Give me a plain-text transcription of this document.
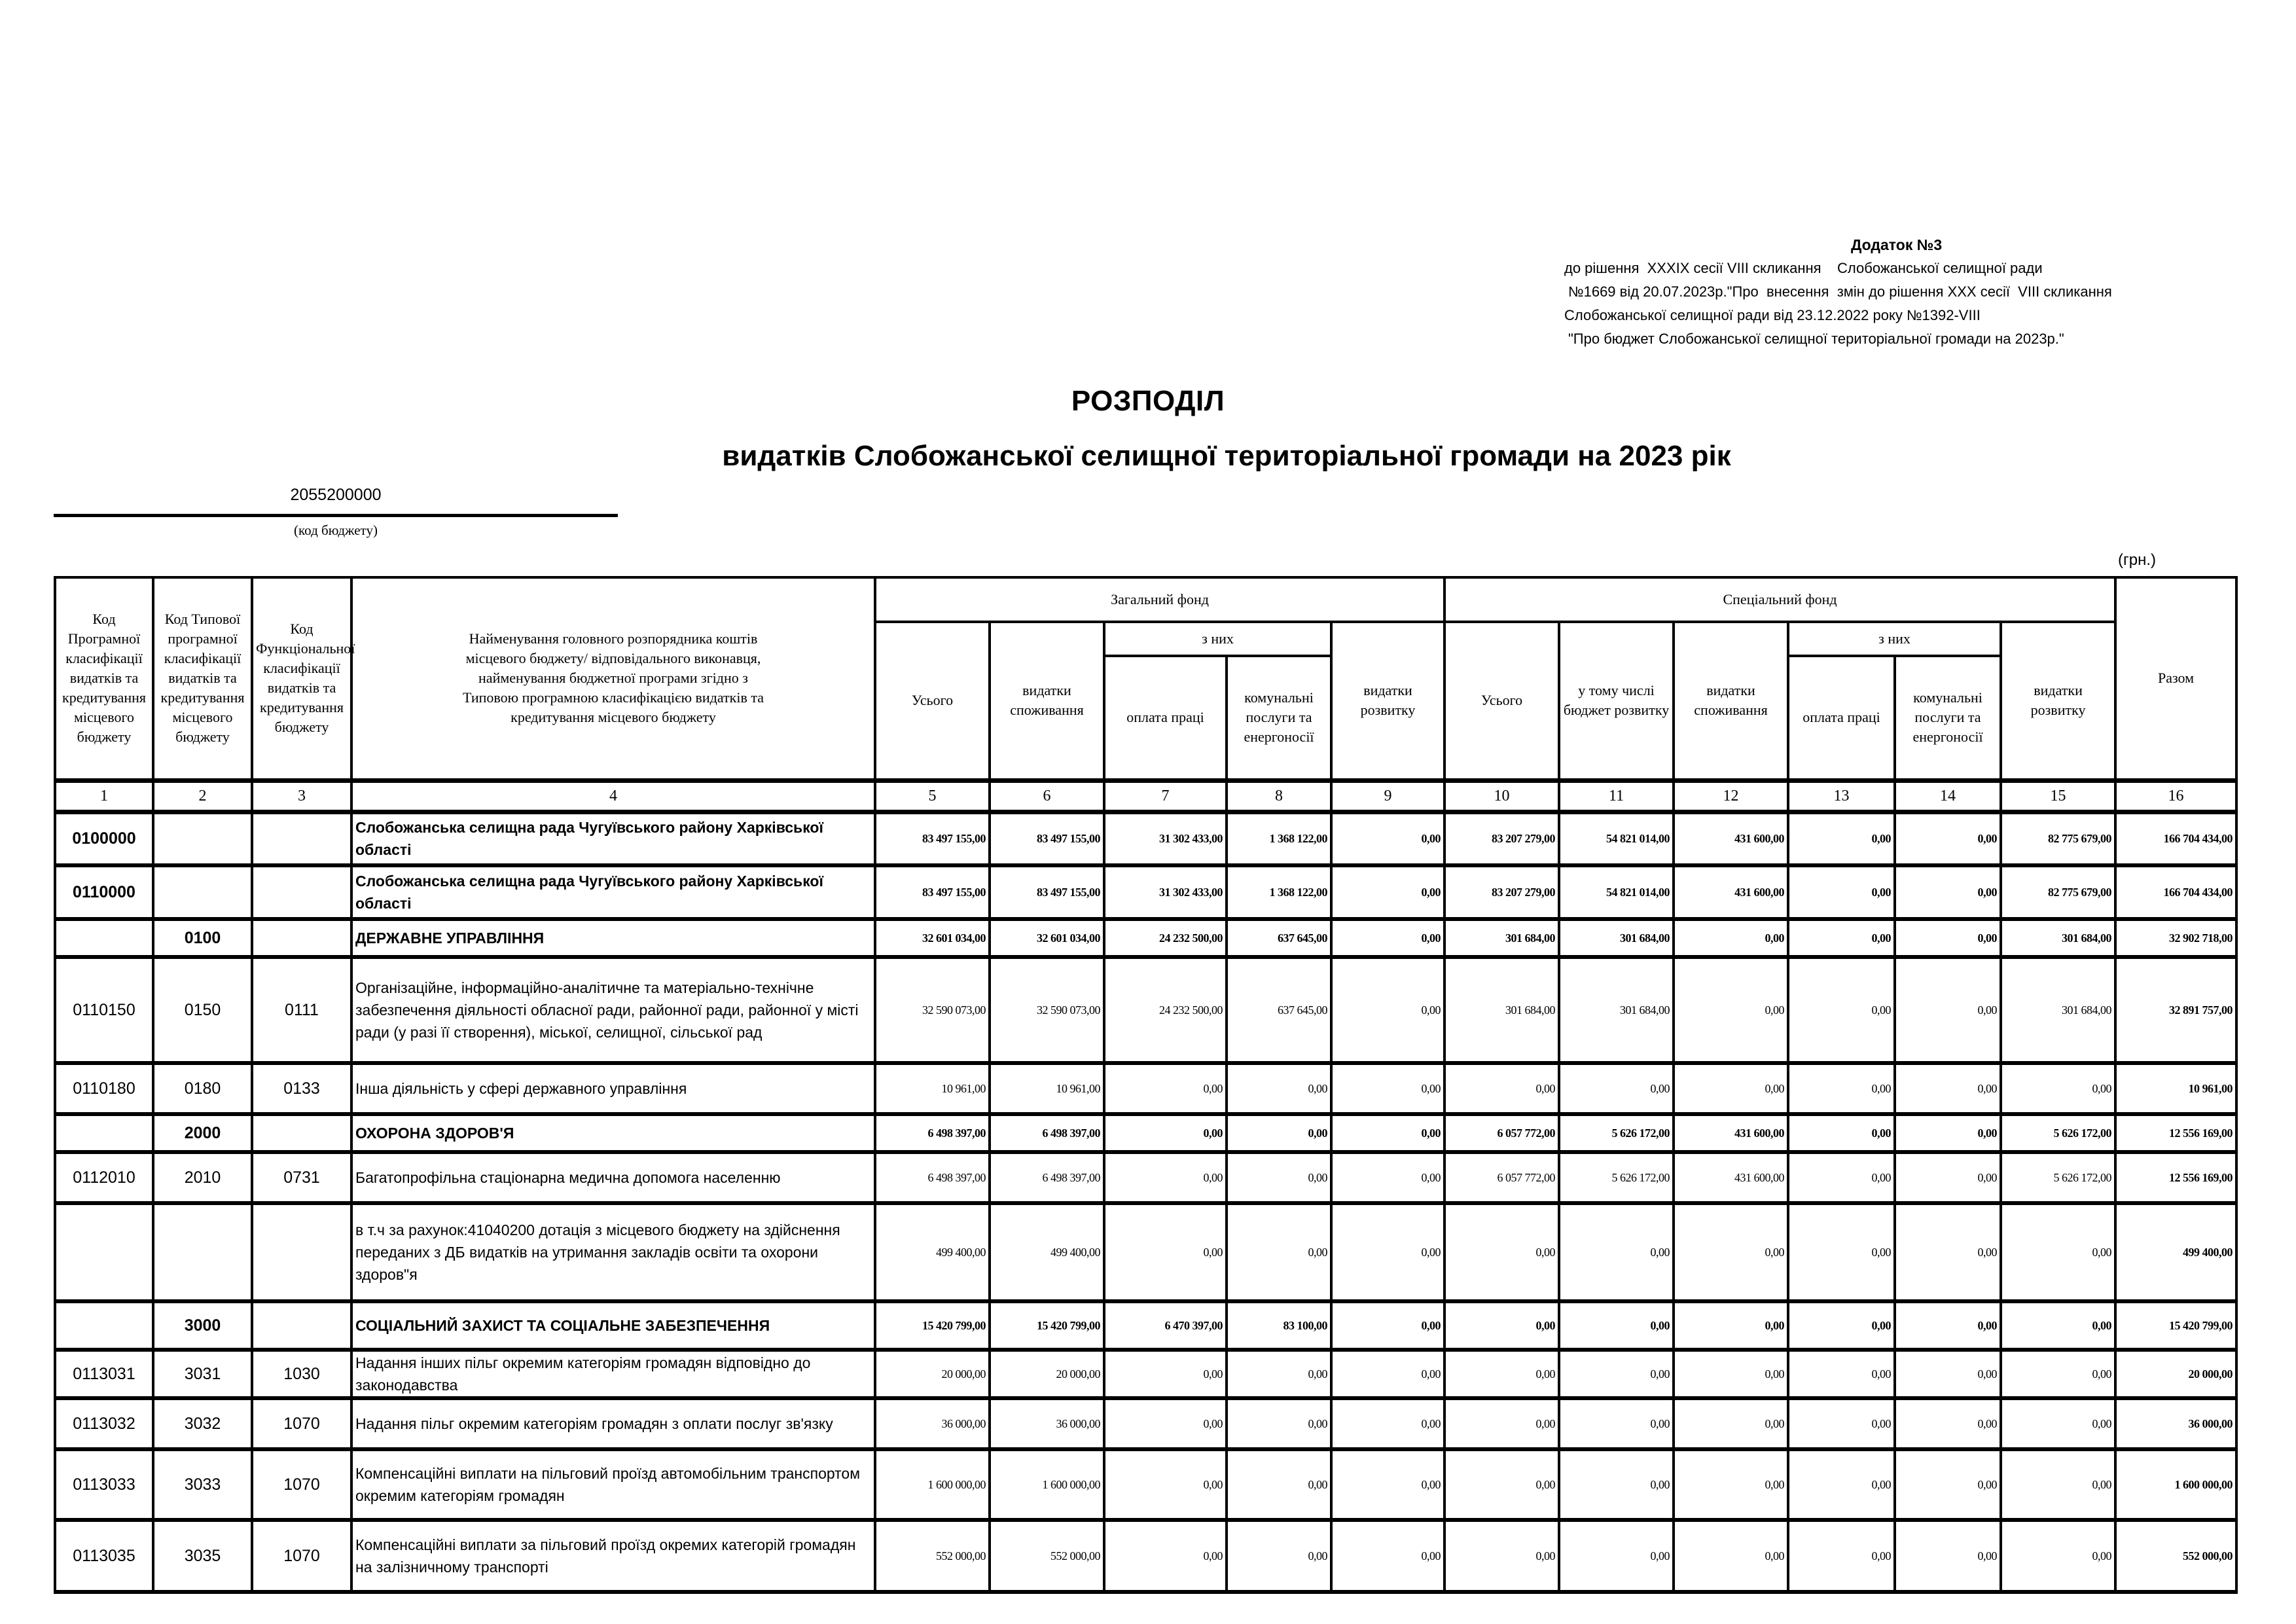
Додаток №3
до рішення  XXXIX сесії VIII скликання    Слобожанської селищної ради
№1669 від 20.07.2023р."Про  внесення  змін до рішення ХХХ сесії  VIII скликання
Слобожанської селищної ради від 23.12.2022 року №1392-VIII
"Про бюджет Слобожанської селищної територіальної громади на 2023р."
РОЗПОДІЛ
видатків Слобожанської селищної територіальної громади на 2023 рік
2055200000
(код бюджету)
(грн.)
Код Програмної класифікації видатків та кредитування місцевого бюджету	Код Типової програмної класифікації видатків та кредитування місцевого бюджету	Код Функціональної класифікації видатків та кредитування бюджету	Найменування головного розпорядника коштів місцевого бюджету/ відповідального виконавця, найменування бюджетної програми згідно з Типовою програмною класифікацією видатків та кредитування місцевого бюджету	Загальний фонд					Спеціальний фонд						Разом
				Усього	видатки споживання	з них		видатки розвитку	Усього	у тому числі бюджет розвитку	видатки споживання	з них		видатки розвитку	
						оплата праці	комунальні послуги та енергоносії					оплата праці	комунальні послуги та енергоносії		
1	2	3	4	5	6	7	8	9	10	11	12	13	14	15	16
0100000			Слобожанська селищна рада Чугуївського району Харківської області	83 497 155,00	83 497 155,00	31 302 433,00	1 368 122,00	0,00	83 207 279,00	54 821 014,00	431 600,00	0,00	0,00	82 775 679,00	166 704 434,00
0110000			Слобожанська селищна рада Чугуївського району Харківської області	83 497 155,00	83 497 155,00	31 302 433,00	1 368 122,00	0,00	83 207 279,00	54 821 014,00	431 600,00	0,00	0,00	82 775 679,00	166 704 434,00
	0100		ДЕРЖАВНЕ УПРАВЛІННЯ	32 601 034,00	32 601 034,00	24 232 500,00	637 645,00	0,00	301 684,00	301 684,00	0,00	0,00	0,00	301 684,00	32 902 718,00
0110150	0150	0111	Організаційне, інформаційно-аналітичне та матеріально-технічне забезпечення діяльності обласної ради, районної ради, районної у місті ради (у разі її створення), міської, селищної, сільської рад	32 590 073,00	32 590 073,00	24 232 500,00	637 645,00	0,00	301 684,00	301 684,00	0,00	0,00	0,00	301 684,00	32 891 757,00
0110180	0180	0133	Інша діяльність у сфері державного управління	10 961,00	10 961,00	0,00	0,00	0,00	0,00	0,00	0,00	0,00	0,00	0,00	10 961,00
	2000		ОХОРОНА ЗДОРОВ'Я	6 498 397,00	6 498 397,00	0,00	0,00	0,00	6 057 772,00	5 626 172,00	431 600,00	0,00	0,00	5 626 172,00	12 556 169,00
0112010	2010	0731	Багатопрофільна стаціонарна медична допомога населенню	6 498 397,00	6 498 397,00	0,00	0,00	0,00	6 057 772,00	5 626 172,00	431 600,00	0,00	0,00	5 626 172,00	12 556 169,00
			в т.ч за рахунок:41040200 дотація з місцевого бюджету на здійснення переданих з ДБ видатків на утримання закладів освіти та охорони здоров"я	499 400,00	499 400,00	0,00	0,00	0,00	0,00	0,00	0,00	0,00	0,00	0,00	499 400,00
	3000		СОЦІАЛЬНИЙ ЗАХИСТ ТА СОЦІАЛЬНЕ ЗАБЕЗПЕЧЕННЯ	15 420 799,00	15 420 799,00	6 470 397,00	83 100,00	0,00	0,00	0,00	0,00	0,00	0,00	0,00	15 420 799,00
0113031	3031	1030	Надання інших пільг окремим категоріям громадян відповідно до законодавства	20 000,00	20 000,00	0,00	0,00	0,00	0,00	0,00	0,00	0,00	0,00	0,00	20 000,00
0113032	3032	1070	Надання пільг окремим категоріям громадян з оплати послуг зв'язку	36 000,00	36 000,00	0,00	0,00	0,00	0,00	0,00	0,00	0,00	0,00	0,00	36 000,00
0113033	3033	1070	Компенсаційні виплати на пільговий проїзд автомобільним транспортом окремим категоріям громадян	1 600 000,00	1 600 000,00	0,00	0,00	0,00	0,00	0,00	0,00	0,00	0,00	0,00	1 600 000,00
0113035	3035	1070	Компенсаційні виплати за пільговий проїзд окремих категорій громадян на залізничному транспорті	552 000,00	552 000,00	0,00	0,00	0,00	0,00	0,00	0,00	0,00	0,00	0,00	552 000,00
